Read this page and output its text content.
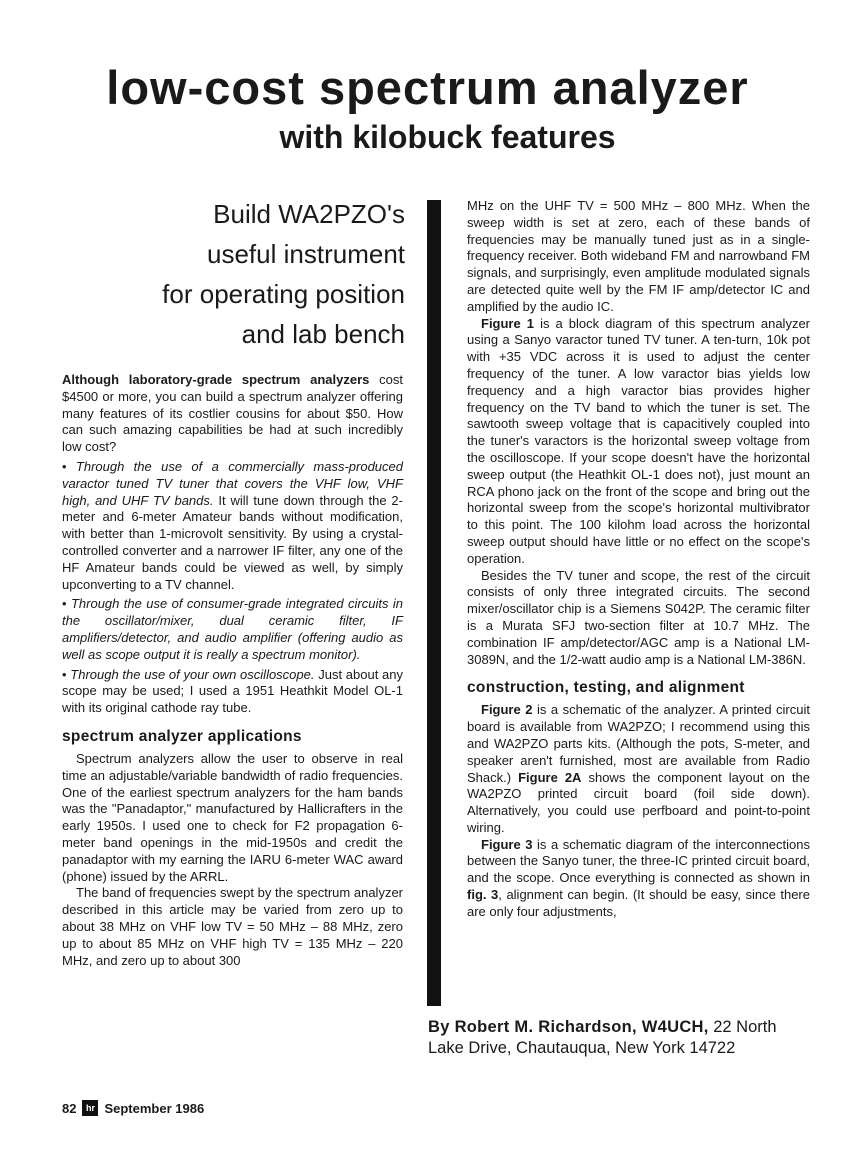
low-cost spectrum analyzer
with kilobuck features
Build WA2PZO's
useful instrument
for operating position
and lab bench

Although laboratory-grade spectrum analyzers cost $4500 or more, you can build a spectrum analyzer offering many features of its costlier cousins for about $50. How can such amazing capabilities be had at such incredibly low cost?

• Through the use of a commercially mass-produced varactor tuned TV tuner that covers the VHF low, VHF high, and UHF TV bands. It will tune down through the 2-meter and 6-meter Amateur bands without modification, with better than 1-microvolt sensitivity. By using a crystal-controlled converter and a narrower IF filter, any one of the HF Amateur bands could be viewed as well, by simply upconverting to a TV channel.

• Through the use of consumer-grade integrated circuits in the oscillator/mixer, dual ceramic filter, IF amplifiers/detector, and audio amplifier (offering audio as well as scope output it is really a spectrum monitor).

• Through the use of your own oscilloscope. Just about any scope may be used; I used a 1951 Heathkit Model OL-1 with its original cathode ray tube.

spectrum analyzer applications

Spectrum analyzers allow the user to observe in real time an adjustable/variable bandwidth of radio frequencies. One of the earliest spectrum analyzers for the ham bands was the "Panadaptor," manufactured by Hallicrafters in the early 1950s. I used one to check for F2 propagation 6-meter band openings in the mid-1950s and credit the panadaptor with my earning the IARU 6-meter WAC award (phone) issued by the ARRL.

The band of frequencies swept by the spectrum analyzer described in this article may be varied from zero up to about 38 MHz on VHF low TV = 50 MHz – 88 MHz, zero up to about 85 MHz on VHF high TV = 135 MHz – 220 MHz, and zero up to about 300

MHz on the UHF TV = 500 MHz – 800 MHz. When the sweep width is set at zero, each of these bands of frequencies may be manually tuned just as in a single-frequency receiver. Both wideband FM and narrowband FM signals, and surprisingly, even amplitude modulated signals are detected quite well by the FM IF amp/detector IC and amplified by the audio IC.

Figure 1 is a block diagram of this spectrum analyzer using a Sanyo varactor tuned TV tuner. A ten-turn, 10k pot with +35 VDC across it is used to adjust the center frequency of the tuner. A low varactor bias yields low frequency and a high varactor bias provides higher frequency on the TV band to which the tuner is set. The sawtooth sweep voltage that is capacitively coupled into the tuner's varactors is the horizontal sweep voltage from the oscilloscope. If your scope doesn't have the horizontal sweep output (the Heathkit OL-1 does not), just mount an RCA phono jack on the front of the scope and bring out the horizontal sweep from the scope's horizontal multivibrator to this point. The 100 kilohm load across the horizontal sweep output should have little or no effect on the scope's operation.

Besides the TV tuner and scope, the rest of the circuit consists of only three integrated circuits. The second mixer/oscillator chip is a Siemens S042P. The ceramic filter is a Murata SFJ two-section filter at 10.7 MHz. The combination IF amp/detector/AGC amp is a National LM-3089N, and the 1/2-watt audio amp is a National LM-386N.

construction, testing, and alignment

Figure 2 is a schematic of the analyzer. A printed circuit board is available from WA2PZO; I recommend using this and WA2PZO parts kits. (Although the pots, S-meter, and speaker aren't furnished, most are available from Radio Shack.) Figure 2A shows the component layout on the WA2PZO printed circuit board (foil side down). Alternatively, you could use perfboard and point-to-point wiring.

Figure 3 is a schematic diagram of the interconnections between the Sanyo tuner, the three-IC printed circuit board, and the scope. Once everything is connected as shown in fig. 3, alignment can begin. (It should be easy, since there are only four adjustments,

By Robert M. Richardson, W4UCH, 22 North
Lake Drive, Chautauqua, New York 14722
82	hr September 1986
